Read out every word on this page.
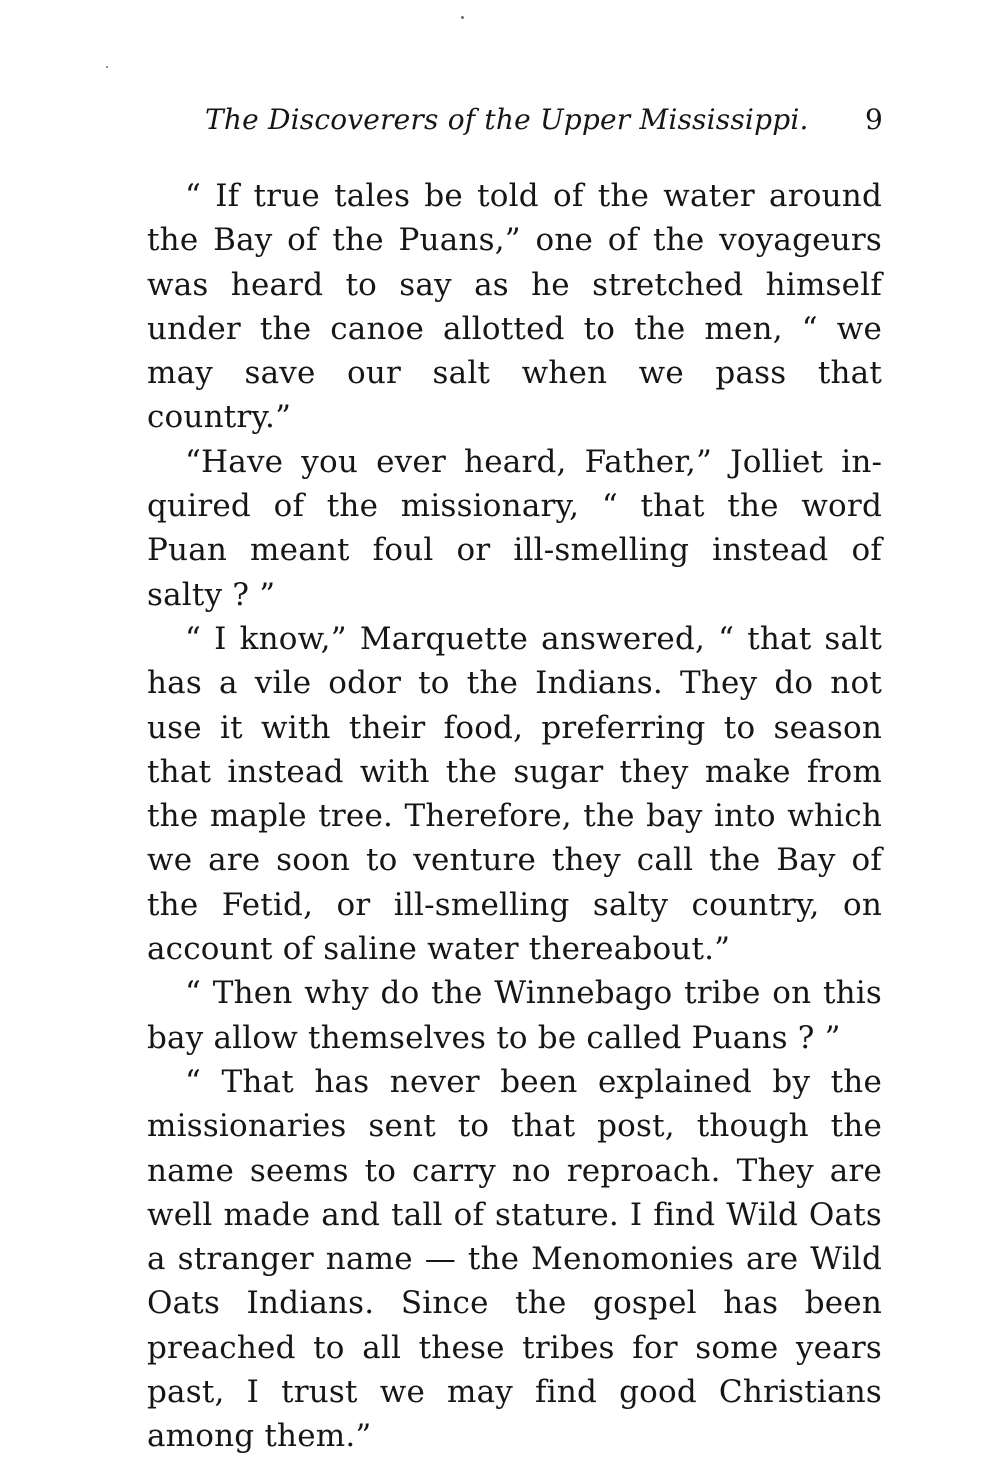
The Discoverers of the Upper Mississippi. 9

“ If true tales be told of the water around the Bay of the Puans,” one of the voyageurs was heard to say as he stretched himself under the canoe allotted to the men, “ we may save our salt when we pass that country.”

“Have you ever heard, Father,” Jolliet inquired of the missionary, “ that the word Puan meant foul or ill-smelling instead of salty ? ”

“ I know,” Marquette answered, “ that salt has a vile odor to the Indians. They do not use it with their food, preferring to season that instead with the sugar they make from the maple tree. Therefore, the bay into which we are soon to venture they call the Bay of the Fetid, or ill-smelling salty country, on account of saline water thereabout.”

“ Then why do the Winnebago tribe on this bay allow themselves to be called Puans ? ”

“ That has never been explained by the missionaries sent to that post, though the name seems to carry no reproach. They are well made and tall of stature. I find Wild Oats a stranger name — the Menomonies are Wild Oats Indians. Since the gospel has been preached to all these tribes for some years past, I trust we may find good Christians among them.”
